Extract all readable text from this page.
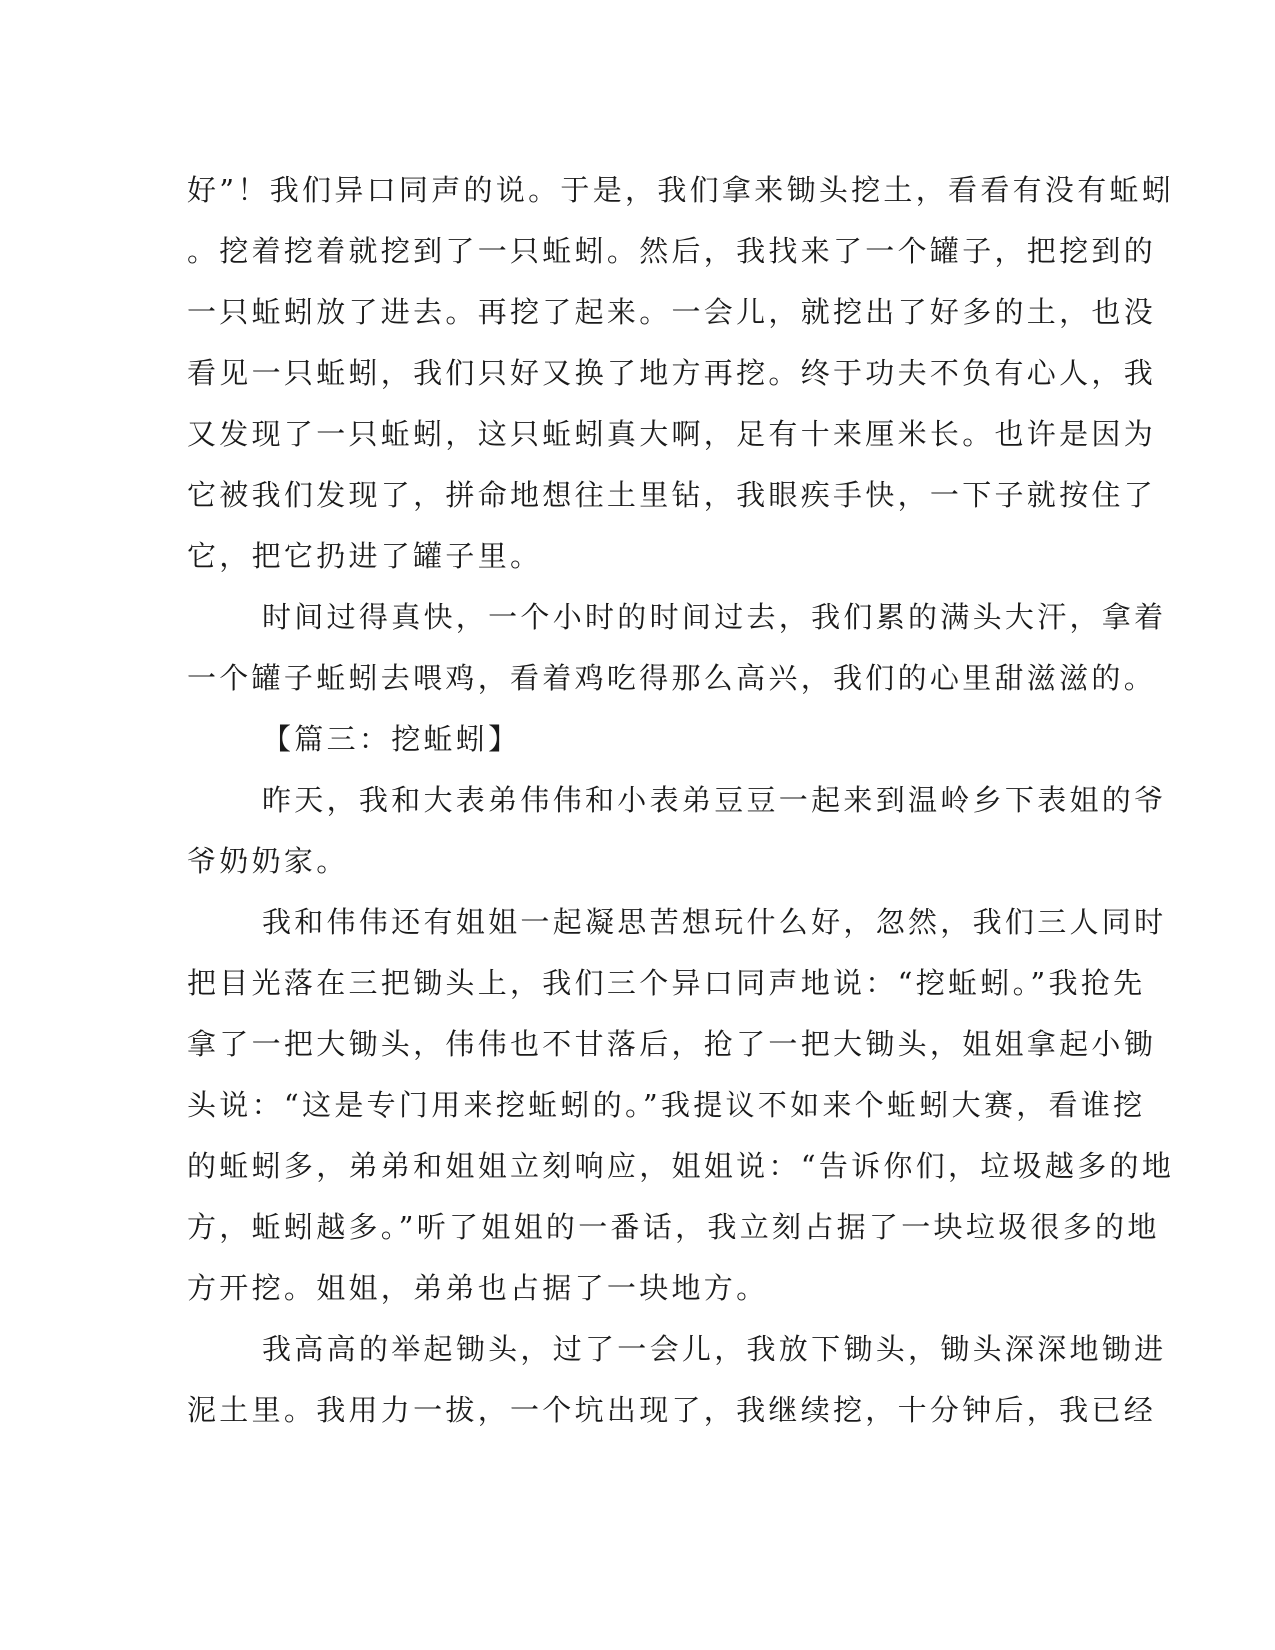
好”！我们异口同声的说。于是，我们拿来锄头挖土，看看有没有蚯蚓
。挖着挖着就挖到了一只蚯蚓。然后，我找来了一个罐子，把挖到的
一只蚯蚓放了进去。再挖了起来。一会儿，就挖出了好多的土，也没
看见一只蚯蚓，我们只好又换了地方再挖。终于功夫不负有心人，我
又发现了一只蚯蚓，这只蚯蚓真大啊，足有十来厘米长。也许是因为
它被我们发现了，拼命地想往土里钻，我眼疾手快，一下子就按住了
它，把它扔进了罐子里。
时间过得真快，一个小时的时间过去，我们累的满头大汗，拿着
一个罐子蚯蚓去喂鸡，看着鸡吃得那么高兴，我们的心里甜滋滋的。
【篇三：挖蚯蚓】
昨天，我和大表弟伟伟和小表弟豆豆一起来到温岭乡下表姐的爷
爷奶奶家。
我和伟伟还有姐姐一起凝思苦想玩什么好，忽然，我们三人同时
把目光落在三把锄头上，我们三个异口同声地说：“挖蚯蚓。”我抢先
拿了一把大锄头，伟伟也不甘落后，抢了一把大锄头，姐姐拿起小锄
头说：“这是专门用来挖蚯蚓的。”我提议不如来个蚯蚓大赛，看谁挖
的蚯蚓多，弟弟和姐姐立刻响应，姐姐说：“告诉你们，垃圾越多的地
方，蚯蚓越多。”听了姐姐的一番话，我立刻占据了一块垃圾很多的地
方开挖。姐姐，弟弟也占据了一块地方。
我高高的举起锄头，过了一会儿，我放下锄头，锄头深深地锄进
泥土里。我用力一拔，一个坑出现了，我继续挖，十分钟后，我已经
